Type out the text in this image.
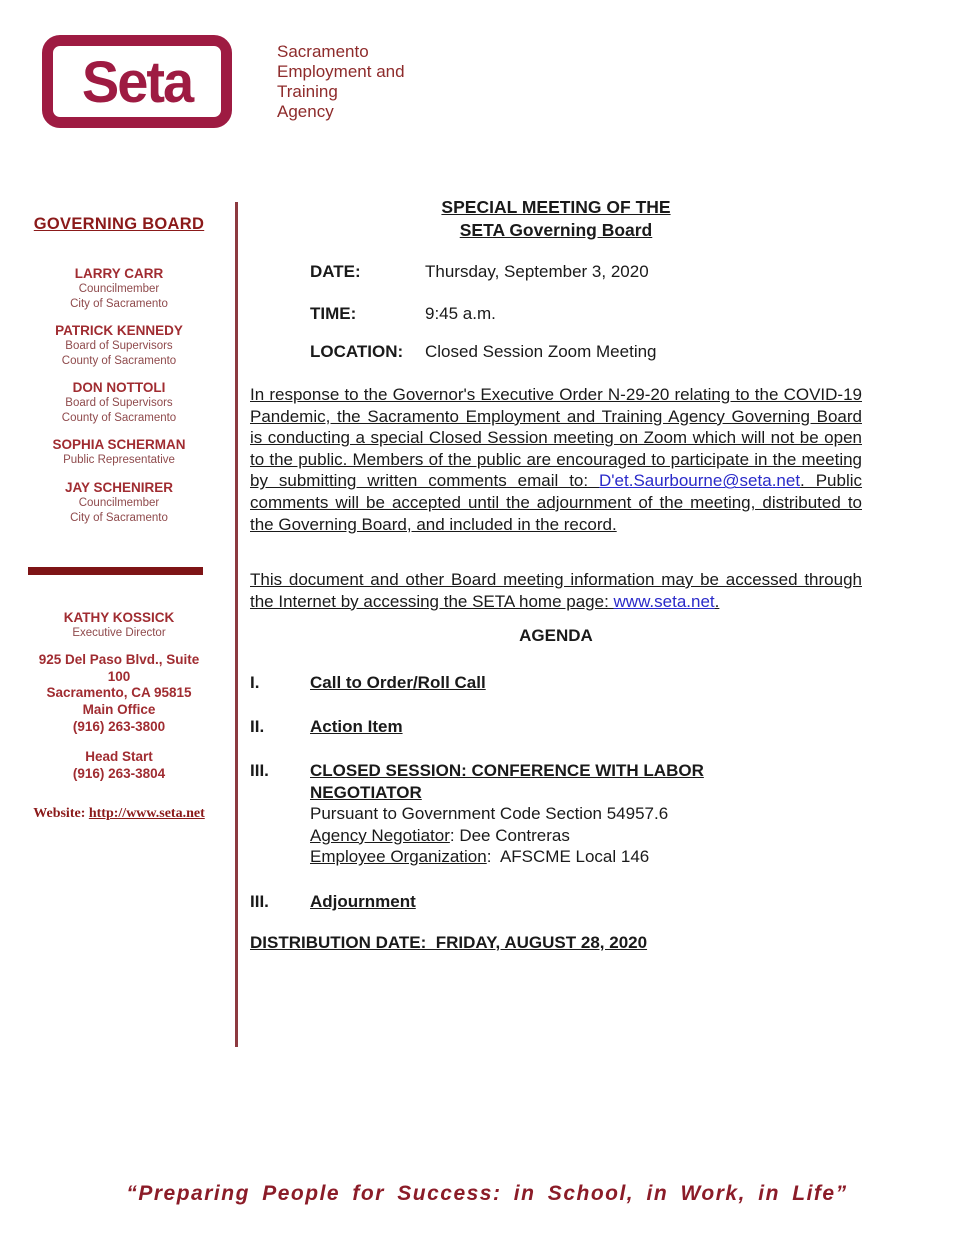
Seta	Sacramento
Employment and
Training
Agency
GOVERNING BOARD
LARRY CARR
Councilmember
City of Sacramento
PATRICK KENNEDY
Board of Supervisors
County of Sacramento
DON NOTTOLI
Board of Supervisors
County of Sacramento
SOPHIA SCHERMAN
Public Representative
JAY SCHENIRER
Councilmember
City of Sacramento
KATHY KOSSICK
Executive Director
925 Del Paso Blvd., Suite 100
Sacramento, CA 95815
Main Office
(916) 263-3800
Head Start
(916) 263-3804
Website: http://www.seta.net
SPECIAL MEETING OF THE
SETA Governing Board
DATE:	Thursday, September 3, 2020
TIME:	9:45 a.m.
LOCATION:	Closed Session Zoom Meeting

In response to the Governor's Executive Order N-29-20 relating to the COVID-19 Pandemic, the Sacramento Employment and Training Agency Governing Board is conducting a special Closed Session meeting on Zoom which will not be open to the public. Members of the public are encouraged to participate in the meeting by submitting written comments email to: D'et.Saurbourne@seta.net. Public comments will be accepted until the adjournment of the meeting, distributed to the Governing Board, and included in the record.

This document and other Board meeting information may be accessed through the Internet by accessing the SETA home page: www.seta.net.

AGENDA
I.	Call to Order/Roll Call
II.	Action Item
III.	CLOSED SESSION: CONFERENCE WITH LABOR NEGOTIATOR
Pursuant to Government Code Section 54957.6
Agency Negotiator: Dee Contreras
Employee Organization:  AFSCME Local 146
III.	Adjournment
DISTRIBUTION DATE:  FRIDAY, AUGUST 28, 2020
“Preparing People for Success: in School, in Work, in Life”
